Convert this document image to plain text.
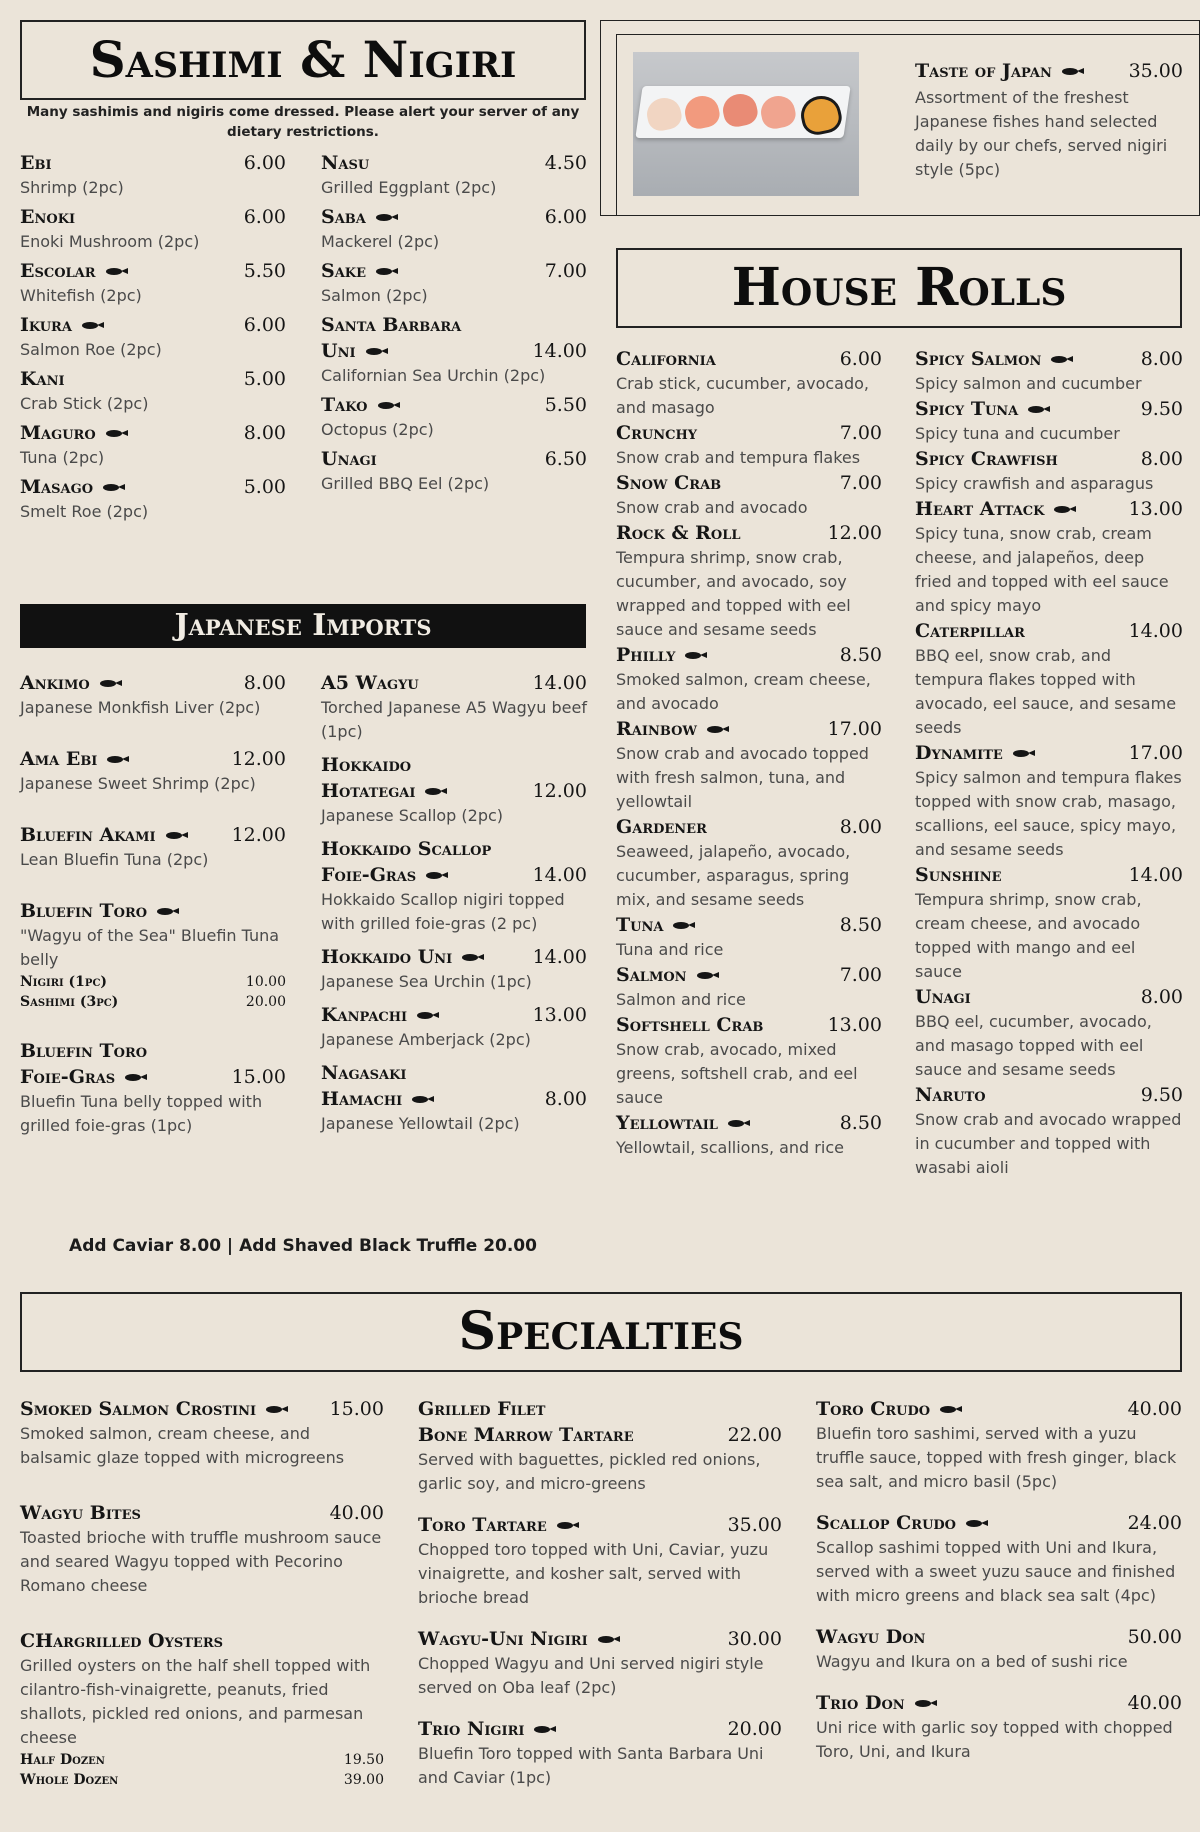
Sashimi & Nigiri
Many sashimis and nigiris come dressed. Please alert your server of any dietary restrictions.
Ebi	6.00
Shrimp (2pc)
Enoki	6.00
Enoki Mushroom (2pc)
Escolar	5.50
Whitefish (2pc)
Ikura	6.00
Salmon Roe (2pc)
Kani	5.00
Crab Stick (2pc)
Maguro	8.00
Tuna (2pc)
Masago	5.00
Smelt Roe (2pc)
Nasu	4.50
Grilled Eggplant (2pc)
Saba	6.00
Mackerel (2pc)
Sake	7.00
Salmon (2pc)
Santa Barbara
Uni	14.00
Californian Sea Urchin (2pc)
Tako	5.50
Octopus (2pc)
Unagi	6.50
Grilled BBQ Eel (2pc)
Japanese Imports
Ankimo	8.00
Japanese Monkfish Liver (2pc)
Ama Ebi	12.00
Japanese Sweet Shrimp (2pc)
Bluefin Akami	12.00
Lean Bluefin Tuna (2pc)
Bluefin Toro
"Wagyu of the Sea" Bluefin Tuna belly
Nigiri (1pc)	10.00
Sashimi (3pc)	20.00
Bluefin Toro
Foie-Gras	15.00
Bluefin Tuna belly topped with grilled foie-gras (1pc)
A5 Wagyu	14.00
Torched Japanese A5 Wagyu beef (1pc)
Hokkaido
Hotategai	12.00
Japanese Scallop (2pc)
Hokkaido Scallop
Foie-Gras	14.00
Hokkaido Scallop nigiri topped with grilled foie-gras (2 pc)
Hokkaido Uni	14.00
Japanese Sea Urchin (1pc)
Kanpachi	13.00
Japanese Amberjack (2pc)
Nagasaki
Hamachi	8.00
Japanese Yellowtail (2pc)
Add Caviar 8.00 | Add Shaved Black Truffle 20.00
Taste of Japan	35.00
Assortment of the freshest Japanese fishes hand selected daily by our chefs, served nigiri style (5pc)
House Rolls
California	6.00
Crab stick, cucumber, avocado, and masago
Crunchy	7.00
Snow crab and tempura flakes
Snow Crab	7.00
Snow crab and avocado
Rock & Roll	12.00
Tempura shrimp, snow crab, cucumber, and avocado, soy wrapped and topped with eel sauce and sesame seeds
Philly	8.50
Smoked salmon, cream cheese, and avocado
Rainbow	17.00
Snow crab and avocado topped with fresh salmon, tuna, and yellowtail
Gardener	8.00
Seaweed, jalapeño, avocado, cucumber, asparagus, spring mix, and sesame seeds
Tuna	8.50
Tuna and rice
Salmon	7.00
Salmon and rice
Softshell Crab	13.00
Snow crab, avocado, mixed greens, softshell crab, and eel sauce
Yellowtail	8.50
Yellowtail, scallions, and rice
Spicy Salmon	8.00
Spicy salmon and cucumber
Spicy Tuna	9.50
Spicy tuna and cucumber
Spicy Crawfish	8.00
Spicy crawfish and asparagus
Heart Attack	13.00
Spicy tuna, snow crab, cream cheese, and jalapeños, deep fried and topped with eel sauce and spicy mayo
Caterpillar	14.00
BBQ eel, snow crab, and tempura flakes topped with avocado, eel sauce, and sesame seeds
Dynamite	17.00
Spicy salmon and tempura flakes topped with snow crab, masago, scallions, eel sauce, spicy mayo, and sesame seeds
Sunshine	14.00
Tempura shrimp, snow crab, cream cheese, and avocado topped with mango and eel sauce
Unagi	8.00
BBQ eel, cucumber, avocado, and masago topped with eel sauce and sesame seeds
Naruto	9.50
Snow crab and avocado wrapped in cucumber and topped with wasabi aioli
Specialties
Smoked Salmon Crostini	15.00
Smoked salmon, cream cheese, and balsamic glaze topped with microgreens
Wagyu Bites	40.00
Toasted brioche with truffle mushroom sauce and seared Wagyu topped with Pecorino Romano cheese
CHargrilled Oysters
Grilled oysters on the half shell topped with cilantro-fish-vinaigrette, peanuts, fried shallots, pickled red onions, and parmesan cheese
Half Dozen	19.50
Whole Dozen	39.00
Grilled Filet
Bone Marrow Tartare	22.00
Served with baguettes, pickled red onions, garlic soy, and micro-greens
Toro Tartare	35.00
Chopped toro topped with Uni, Caviar, yuzu vinaigrette, and kosher salt, served with brioche bread
Wagyu-Uni Nigiri	30.00
Chopped Wagyu and Uni served nigiri style served on Oba leaf (2pc)
Trio Nigiri	20.00
Bluefin Toro topped with Santa Barbara Uni and Caviar (1pc)
Toro Crudo	40.00
Bluefin toro sashimi, served with a yuzu truffle sauce, topped with fresh ginger, black sea salt, and micro basil (5pc)
Scallop Crudo	24.00
Scallop sashimi topped with Uni and Ikura, served with a sweet yuzu sauce and finished with micro greens and black sea salt (4pc)
Wagyu Don	50.00
Wagyu and Ikura on a bed of sushi rice
Trio Don	40.00
Uni rice with garlic soy topped with chopped Toro, Uni, and Ikura
